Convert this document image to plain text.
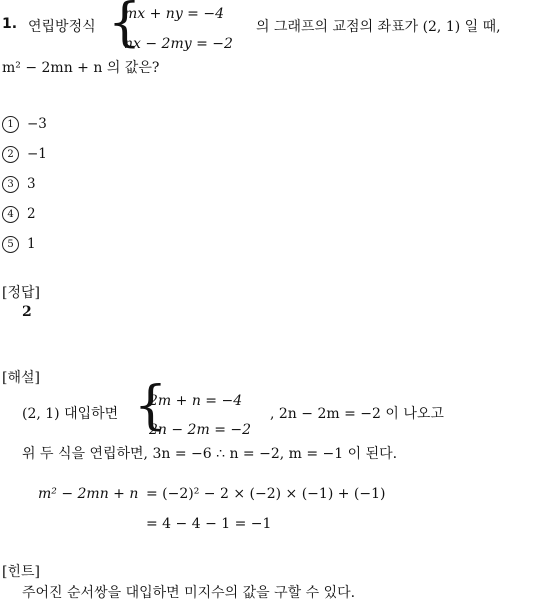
1. 연립방정식 {
mx + ny = −4
nx − 2my = −2
의 그래프의 교점의 좌표가 (2, 1) 일 때,
m² − 2mn + n 의 값은?
1 −3
2 −1
3 3
4 2
5 1
[정답]
2
[해설]
(2, 1) 대입하면 {
2m + n = −4
2n − 2m = −2
, 2n − 2m = −2 이 나오고
위 두 식을 연립하면, 3n = −6 ∴ n = −2, m = −1 이 된다.
m² − 2mn + n = (−2)² − 2 × (−2) × (−1) + (−1)
= 4 − 4 − 1 = −1
[힌트]
주어진 순서쌍을 대입하면 미지수의 값을 구할 수 있다.
